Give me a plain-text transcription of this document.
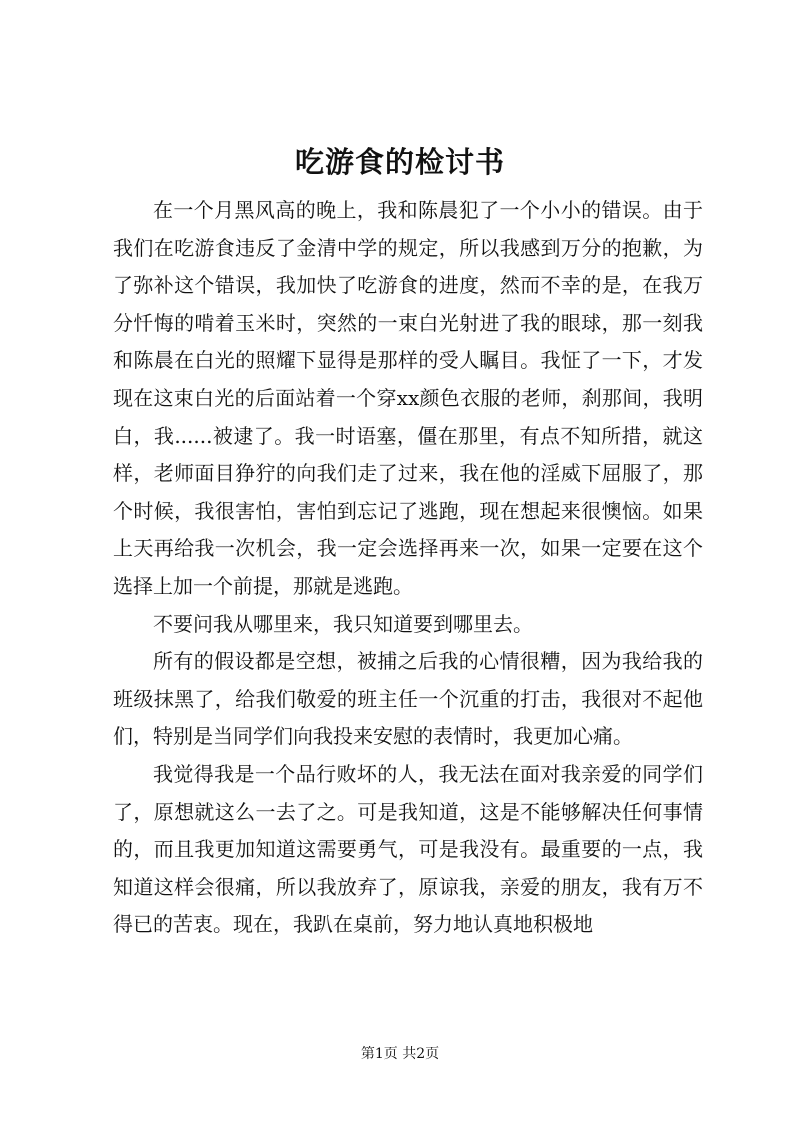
吃游食的检讨书

在一个月黑风高的晚上，我和陈晨犯了一个小小的错误。由于我们在吃游食违反了金清中学的规定，所以我感到万分的抱歉，为了弥补这个错误，我加快了吃游食的进度，然而不幸的是，在我万分忏悔的啃着玉米时，突然的一束白光射进了我的眼球，那一刻我和陈晨在白光的照耀下显得是那样的受人瞩目。我怔了一下，才发现在这束白光的后面站着一个穿xx颜色衣服的老师，刹那间，我明白，我......被逮了。我一时语塞，僵在那里，有点不知所措，就这样，老师面目狰狞的向我们走了过来，我在他的淫威下屈服了，那个时候，我很害怕，害怕到忘记了逃跑，现在想起来很懊恼。如果上天再给我一次机会，我一定会选择再来一次，如果一定要在这个选择上加一个前提，那就是逃跑。

不要问我从哪里来，我只知道要到哪里去。

所有的假设都是空想，被捕之后我的心情很糟，因为我给我的班级抹黑了，给我们敬爱的班主任一个沉重的打击，我很对不起他们，特别是当同学们向我投来安慰的表情时，我更加心痛。

我觉得我是一个品行败坏的人，我无法在面对我亲爱的同学们了，原想就这么一去了之。可是我知道，这是不能够解决任何事情的，而且我更加知道这需要勇气，可是我没有。最重要的一点，我知道这样会很痛，所以我放弃了，原谅我，亲爱的朋友，我有万不得已的苦衷。现在，我趴在桌前，努力地认真地积极地

第1页 共2页
